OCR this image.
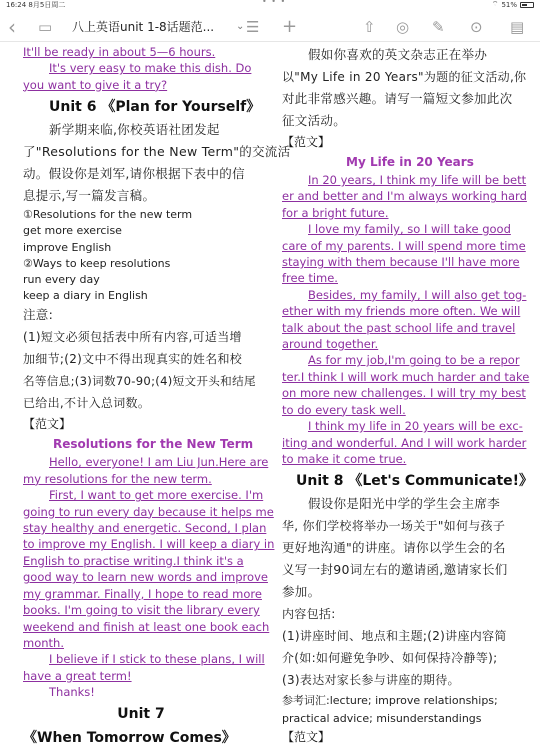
16:24 8月5日周二	• • •	⌔ 51%
‹ ▭ 八上英语unit 1-8话题范... ⌄ ☰ +	⇧ ◎ ✎ ⊙ ▤
It'll be ready in about 5—6 hours.
It's very easy to make this dish. Do
you want to give it a try?
Unit 6 《Plan for Yourself》
新学期来临,你校英语社团发起
了"Resolutions for the New Term"的交流活
动。假设你是刘军,请你根据下表中的信
息提示,写一篇发言稿。
①Resolutions for the new term
get more exercise
improve English
②Ways to keep resolutions
run every day
keep a diary in English
注意:
(1)短文必须包括表中所有内容,可适当增
加细节;(2)文中不得出现真实的姓名和校
名等信息;(3)词数70-90;(4)短文开头和结尾
已给出,不计入总词数。
【范文】
Resolutions for the New Term
Hello, everyone! I am Liu Jun.Here are
my resolutions for the new term.
First, I want to get more exercise. I'm
going to run every day because it helps me
stay healthy and energetic. Second, I plan
to improve my English. I will keep a diary in
English to practise writing.I think it's a
good way to learn new words and improve
my grammar. Finally, I hope to read more
books. I'm going to visit the library every
weekend and finish at least one book each
month.
I believe if I stick to these plans, I will
have a great term!
Thanks!
Unit 7
《When Tomorrow Comes》
假如你喜欢的英文杂志正在举办
以"My Life in 20 Years"为题的征文活动,你
对此非常感兴趣。请写一篇短文参加此次
征文活动。
【范文】
My Life in 20 Years
In 20 years, I think my life will be bett
er and better and I'm always working hard
for a bright future.
I love my family, so I will take good
care of my parents. I will spend more time
staying with them because I'll have more
free time.
Besides, my family, I will also get tog-
ether with my friends more often. We will
talk about the past school life and travel
around together.
As for my job,I'm going to be a repor
ter.I think I will work much harder and take
on more new challenges. I will try my best
to do every task well.
I think my life in 20 years will be exc-
iting and wonderful. And I will work harder
to make it come true.
Unit 8 《Let's Communicate!》
假设你是阳光中学的学生会主席李
华, 你们学校将举办一场关于"如何与孩子
更好地沟通"的讲座。请你以学生会的名
义写一封90词左右的邀请函,邀请家长们
参加。
内容包括:
(1)讲座时间、地点和主题;(2)讲座内容简
介(如:如何避免争吵、如何保持冷静等);
(3)表达对家长参与讲座的期待。
参考词汇:lecture; improve relationships;
practical advice; misunderstandings
【范文】
